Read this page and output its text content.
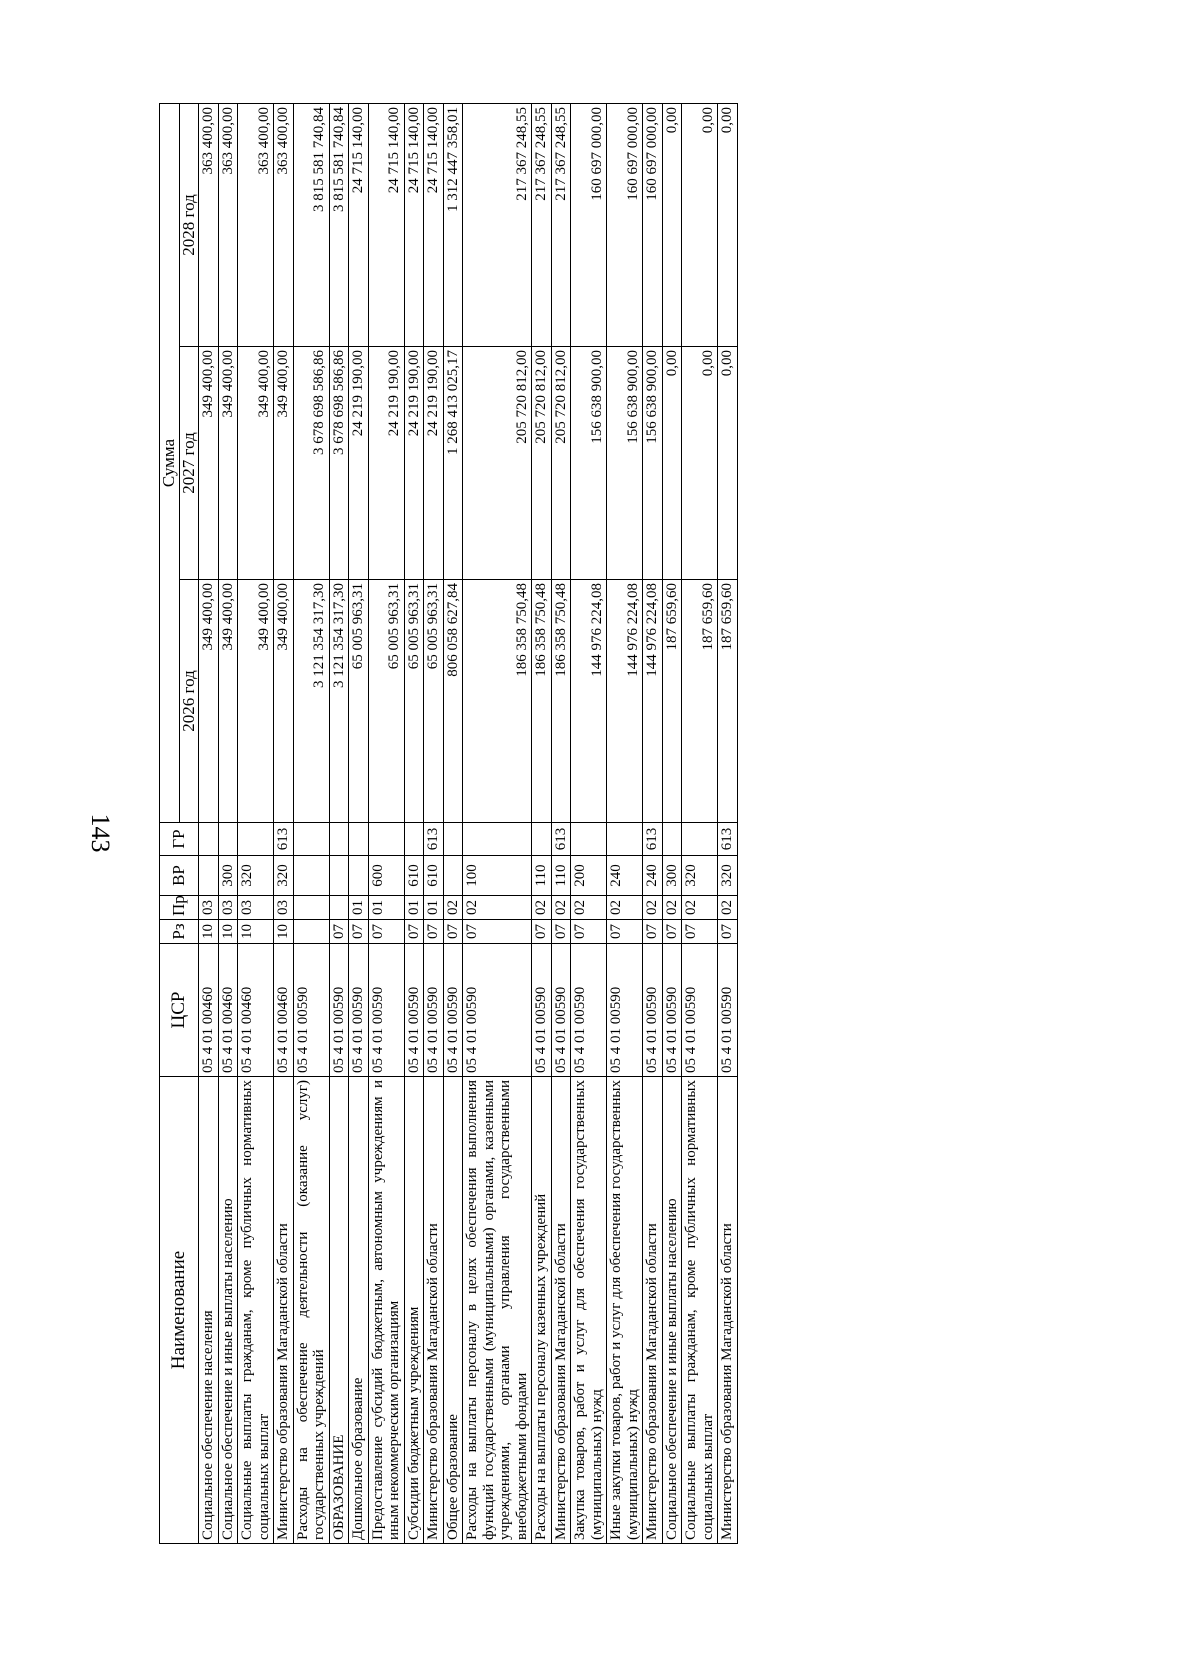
143
Наименование	ЦСР	Рз	Пр	ВР	ГР	Сумма		
						2026 год	2027 год	2028 год
Социальное обеспечение населения	05 4 01 00460	10	03			349 400,00	349 400,00	363 400,00
Социальное обеспечение и иные выплаты населению	05 4 01 00460	10	03	300		349 400,00	349 400,00	363 400,00
Социальные выплаты гражданам, кроме публичных нормативных социальных выплат	05 4 01 00460	10	03	320		349 400,00	349 400,00	363 400,00
Министерство образования Магаданской области	05 4 01 00460	10	03	320	613	349 400,00	349 400,00	363 400,00
Расходы на обеспечение деятельности (оказание услуг) государственных учреждений	05 4 01 00590					3 121 354 317,30	3 678 698 586,86	3 815 581 740,84
ОБРАЗОВАНИЕ	05 4 01 00590	07				3 121 354 317,30	3 678 698 586,86	3 815 581 740,84
Дошкольное образование	05 4 01 00590	07	01			65 005 963,31	24 219 190,00	24 715 140,00
Предоставление субсидий бюджетным, автономным учреждениям и иным некоммерческим организациям	05 4 01 00590	07	01	600		65 005 963,31	24 219 190,00	24 715 140,00
Субсидии бюджетным учреждениям	05 4 01 00590	07	01	610		65 005 963,31	24 219 190,00	24 715 140,00
Министерство образования Магаданской области	05 4 01 00590	07	01	610	613	65 005 963,31	24 219 190,00	24 715 140,00
Общее образование	05 4 01 00590	07	02			806 058 627,84	1 268 413 025,17	1 312 447 358,01
Расходы на выплаты персоналу в целях обеспечения выполнения функций государственными (муниципальными) органами, казенными учреждениями, органами управления государственными внебюджетными фондами	05 4 01 00590	07	02	100		186 358 750,48	205 720 812,00	217 367 248,55
Расходы на выплаты персоналу казенных учреждений	05 4 01 00590	07	02	110		186 358 750,48	205 720 812,00	217 367 248,55
Министерство образования Магаданской области	05 4 01 00590	07	02	110	613	186 358 750,48	205 720 812,00	217 367 248,55
Закупка товаров, работ и услуг для обеспечения государственных (муниципальных) нужд	05 4 01 00590	07	02	200		144 976 224,08	156 638 900,00	160 697 000,00
Иные закупки товаров, работ и услуг для обеспечения государственных (муниципальных) нужд	05 4 01 00590	07	02	240		144 976 224,08	156 638 900,00	160 697 000,00
Министерство образования Магаданской области	05 4 01 00590	07	02	240	613	144 976 224,08	156 638 900,00	160 697 000,00
Социальное обеспечение и иные выплаты населению	05 4 01 00590	07	02	300		187 659,60	0,00	0,00
Социальные выплаты гражданам, кроме публичных нормативных социальных выплат	05 4 01 00590	07	02	320		187 659,60	0,00	0,00
Министерство образования Магаданской области	05 4 01 00590	07	02	320	613	187 659,60	0,00	0,00
